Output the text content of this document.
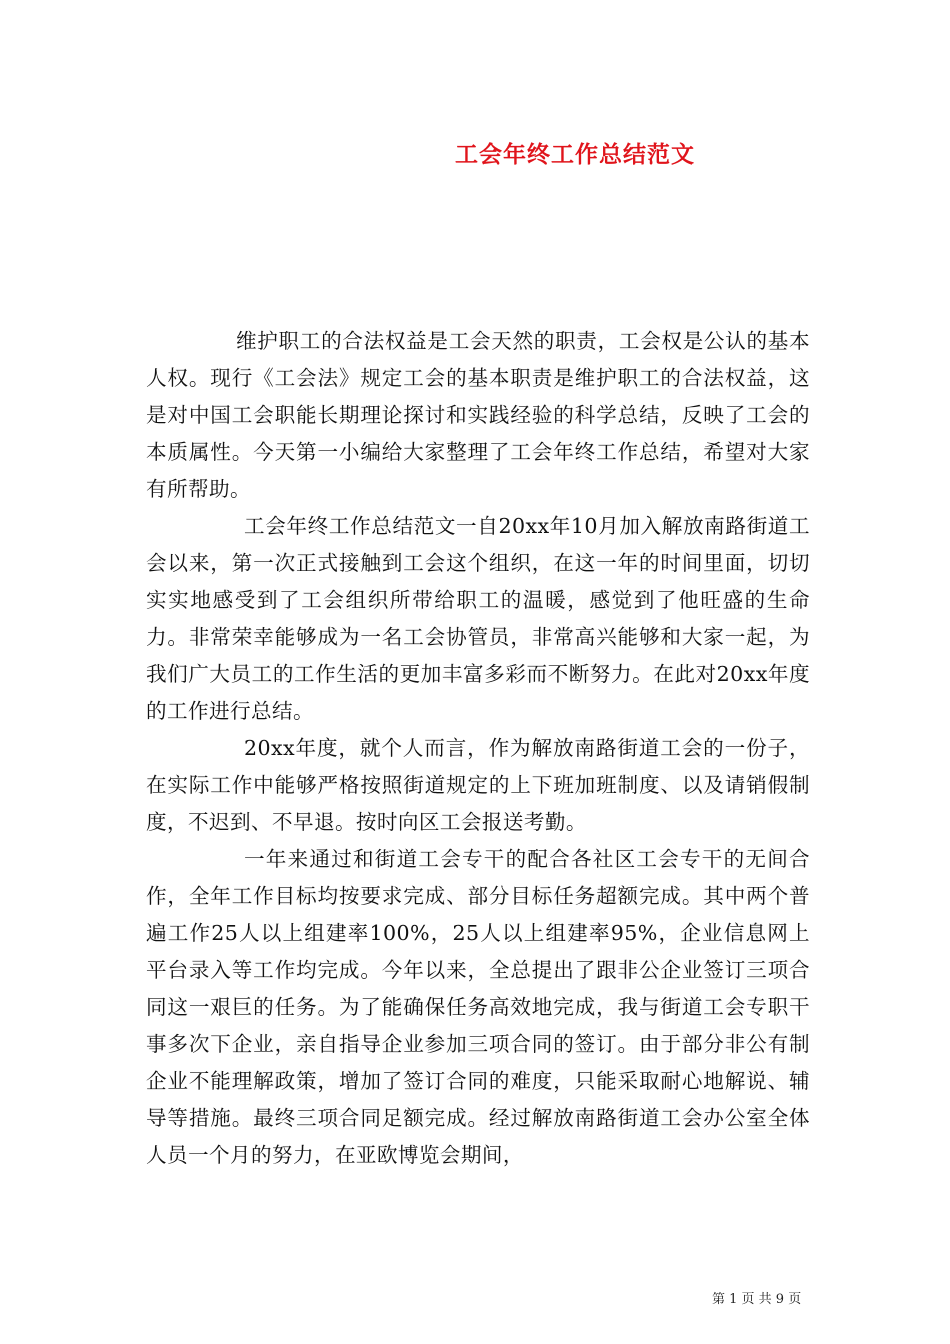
工会年终工作总结范文

维护职工的合法权益是工会天然的职责，工会权是公认的基本人权。现行《工会法》规定工会的基本职责是维护职工的合法权益，这是对中国工会职能长期理论探讨和实践经验的科学总结，反映了工会的本质属性。今天第一小编给大家整理了工会年终工作总结，希望对大家有所帮助。

工会年终工作总结范文一自20xx年10月加入解放南路街道工会以来，第一次正式接触到工会这个组织，在这一年的时间里面，切切实实地感受到了工会组织所带给职工的温暖，感觉到了他旺盛的生命力。非常荣幸能够成为一名工会协管员，非常高兴能够和大家一起，为我们广大员工的工作生活的更加丰富多彩而不断努力。在此对20xx年度的工作进行总结。

20xx年度，就个人而言，作为解放南路街道工会的一份子，在实际工作中能够严格按照街道规定的上下班加班制度、以及请销假制度，不迟到、不早退。按时向区工会报送考勤。

一年来通过和街道工会专干的配合各社区工会专干的无间合作，全年工作目标均按要求完成、部分目标任务超额完成。其中两个普遍工作25人以上组建率100%，25人以上组建率95%，企业信息网上平台录入等工作均完成。今年以来，全总提出了跟非公企业签订三项合同这一艰巨的任务。为了能确保任务高效地完成，我与街道工会专职干事多次下企业，亲自指导企业参加三项合同的签订。由于部分非公有制企业不能理解政策，增加了签订合同的难度，只能采取耐心地解说、辅导等措施。最终三项合同足额完成。经过解放南路街道工会办公室全体人员一个月的努力，在亚欧博览会期间，

第 1 页 共 9 页
